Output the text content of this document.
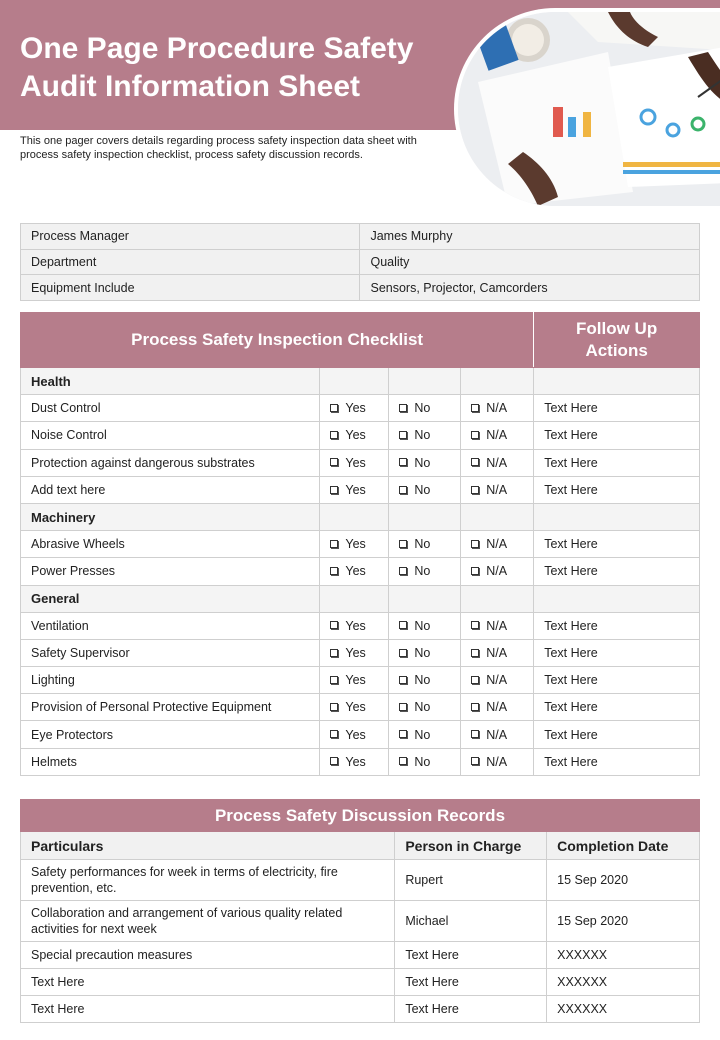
One Page Procedure Safety Audit Information Sheet

This one pager covers details regarding process safety inspection data sheet with process safety inspection checklist, process safety discussion records.

Process Manager	James Murphy
Department	Quality
Equipment Include	Sensors, Projector, Camcorders
Process Safety Inspection Checklist				Follow Up Actions
Health				
Dust Control	Yes	No	N/A	Text Here
Noise Control	Yes	No	N/A	Text Here
Protection against dangerous substrates	Yes	No	N/A	Text Here
Add text here	Yes	No	N/A	Text Here
Machinery				
Abrasive Wheels	Yes	No	N/A	Text Here
Power Presses	Yes	No	N/A	Text Here
General				
Ventilation	Yes	No	N/A	Text Here
Safety Supervisor	Yes	No	N/A	Text Here
Lighting	Yes	No	N/A	Text Here
Provision of Personal Protective Equipment	Yes	No	N/A	Text Here
Eye Protectors	Yes	No	N/A	Text Here
Helmets	Yes	No	N/A	Text Here
Process Safety Discussion Records		
Particulars	Person in Charge	Completion Date
Safety performances for week in terms of electricity, fire prevention, etc.	Rupert	15 Sep 2020
Collaboration and arrangement of various quality related activities for next week	Michael	15 Sep 2020
Special precaution measures	Text Here	XXXXXX
Text Here	Text Here	XXXXXX
Text Here	Text Here	XXXXXX
